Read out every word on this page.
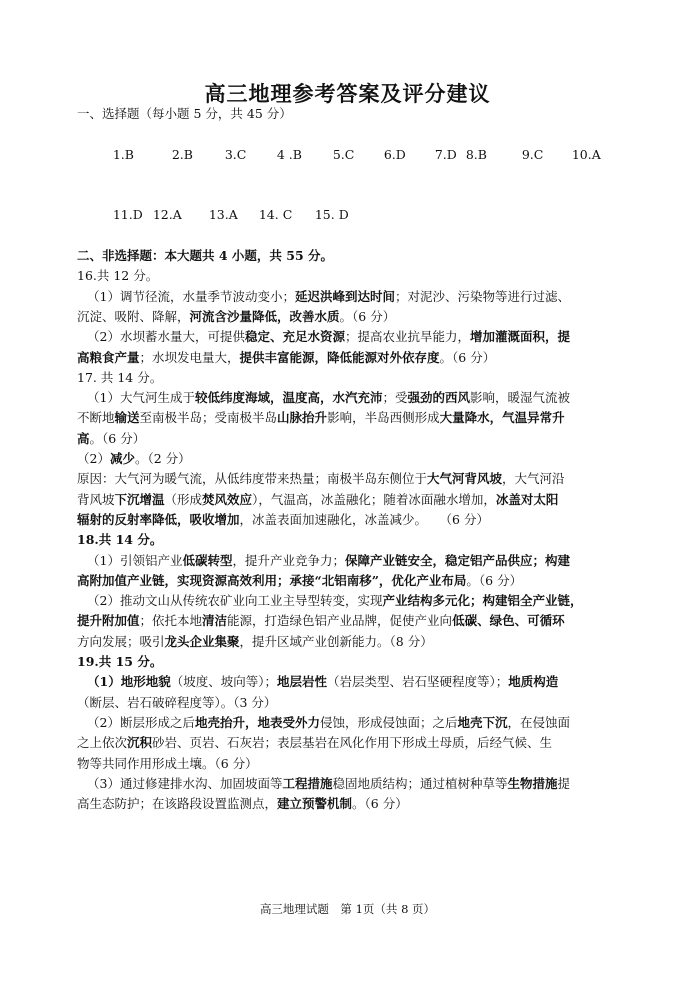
高三地理参考答案及评分建议
一、选择题（每小题 5 分，共 45 分）

1.B	2.B	3.C 4 .B 5.C 6.D 7.D 8.B	9.C 10.A

11.D 12.A 13.A 14. C 15. D

二、非选择题：本大题共 4 小题，共 55 分。
16.共 12 分。
（1）调节径流，水量季节波动变小；延迟洪峰到达时间；对泥沙、污染物等进行过滤、
沉淀、吸附、降解，河流含沙量降低，改善水质。（6 分）
（2）水坝蓄水量大，可提供稳定、充足水资源；提高农业抗旱能力，增加灌溉面积，提
高粮食产量；水坝发电量大，提供丰富能源，降低能源对外依存度。（6 分）
17. 共 14 分。
（1）大气河生成于较低纬度海域，温度高，水汽充沛；受强劲的西风影响，暖湿气流被
不断地输送至南极半岛；受南极半岛山脉抬升影响，半岛西侧形成大量降水，气温异常升
高。（6 分）
（2）减少。（2 分）
原因：大气河为暖气流，从低纬度带来热量；南极半岛东侧位于大气河背风坡，大气河沿
背风坡下沉增温（形成焚风效应），气温高，冰盖融化；随着冰面融水增加，冰盖对太阳
辐射的反射率降低，吸收增加，冰盖表面加速融化，冰盖减少。　　（6 分）
18.共 14 分。
（1）引领铝产业低碳转型，提升产业竞争力；保障产业链安全，稳定铝产品供应；构建
高附加值产业链，实现资源高效利用；承接“北铝南移”，优化产业布局。（6 分）
（2）推动文山从传统农矿业向工业主导型转变，实现产业结构多元化；构建铝全产业链，
提升附加值；依托本地清洁能源，打造绿色铝产业品牌，促使产业向低碳、绿色、可循环
方向发展；吸引龙头企业集聚，提升区域产业创新能力。（8 分）
19.共 15 分。
（1）地形地貌（坡度、坡向等）；地层岩性（岩层类型、岩石坚硬程度等）；地质构造
（断层、岩石破碎程度等）。（3 分）
（2）断层形成之后地壳抬升，地表受外力侵蚀，形成侵蚀面；之后地壳下沉，在侵蚀面
之上依次沉积砂岩、页岩、石灰岩；表层基岩在风化作用下形成土母质，后经气候、生
物等共同作用形成土壤。（6 分）
（3）通过修建排水沟、加固坡面等工程措施稳固地质结构；通过植树种草等生物措施提
高生态防护；在该路段设置监测点，建立预警机制。（6 分）
高三地理试题　第 1页（共 8 页）
